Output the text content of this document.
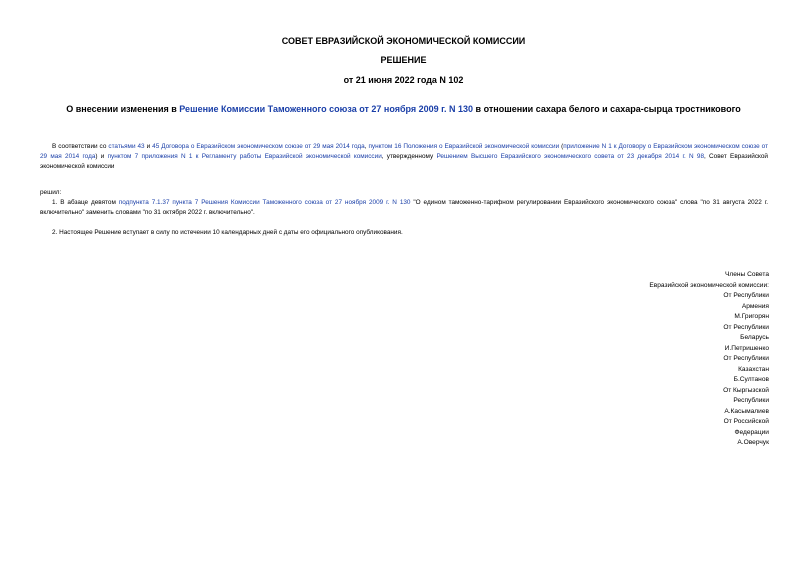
СОВЕТ ЕВРАЗИЙСКОЙ ЭКОНОМИЧЕСКОЙ КОМИССИИ
РЕШЕНИЕ
от 21 июня 2022 года N 102
О внесении изменения в Решение Комиссии Таможенного союза от 27 ноября 2009 г. N 130 в отношении сахара белого и сахара-сырца тростникового
В соответствии со статьями 43 и 45 Договора о Евразийском экономическом союзе от 29 мая 2014 года, пунктом 16 Положения о Евразийской экономической комиссии (приложение N 1 к Договору о Евразийском экономическом союзе от 29 мая 2014 года) и пунктом 7 приложения N 1 к Регламенту работы Евразийской экономической комиссии, утвержденному Решением Высшего Евразийского экономического совета от 23 декабря 2014 г. N 98, Совет Евразийской экономической комиссии
решил:
1. В абзаце девятом подпункта 7.1.37 пункта 7 Решения Комиссии Таможенного союза от 27 ноября 2009 г. N 130 "О едином таможенно-тарифном регулировании Евразийского экономического союза" слова "по 31 августа 2022 г. включительно" заменить словами "по 31 октября 2022 г. включительно".
2. Настоящее Решение вступает в силу по истечении 10 календарных дней с даты его официального опубликования.
Члены Совета
Евразийской экономической комиссии:
От Республики
Армения
М.Григорян
От Республики
Беларусь
И.Петришенко
От Республики
Казахстан
Б.Султанов
От Кыргызской
Республики
А.Касымалиев
От Российской
Федерации
А.Оверчук
